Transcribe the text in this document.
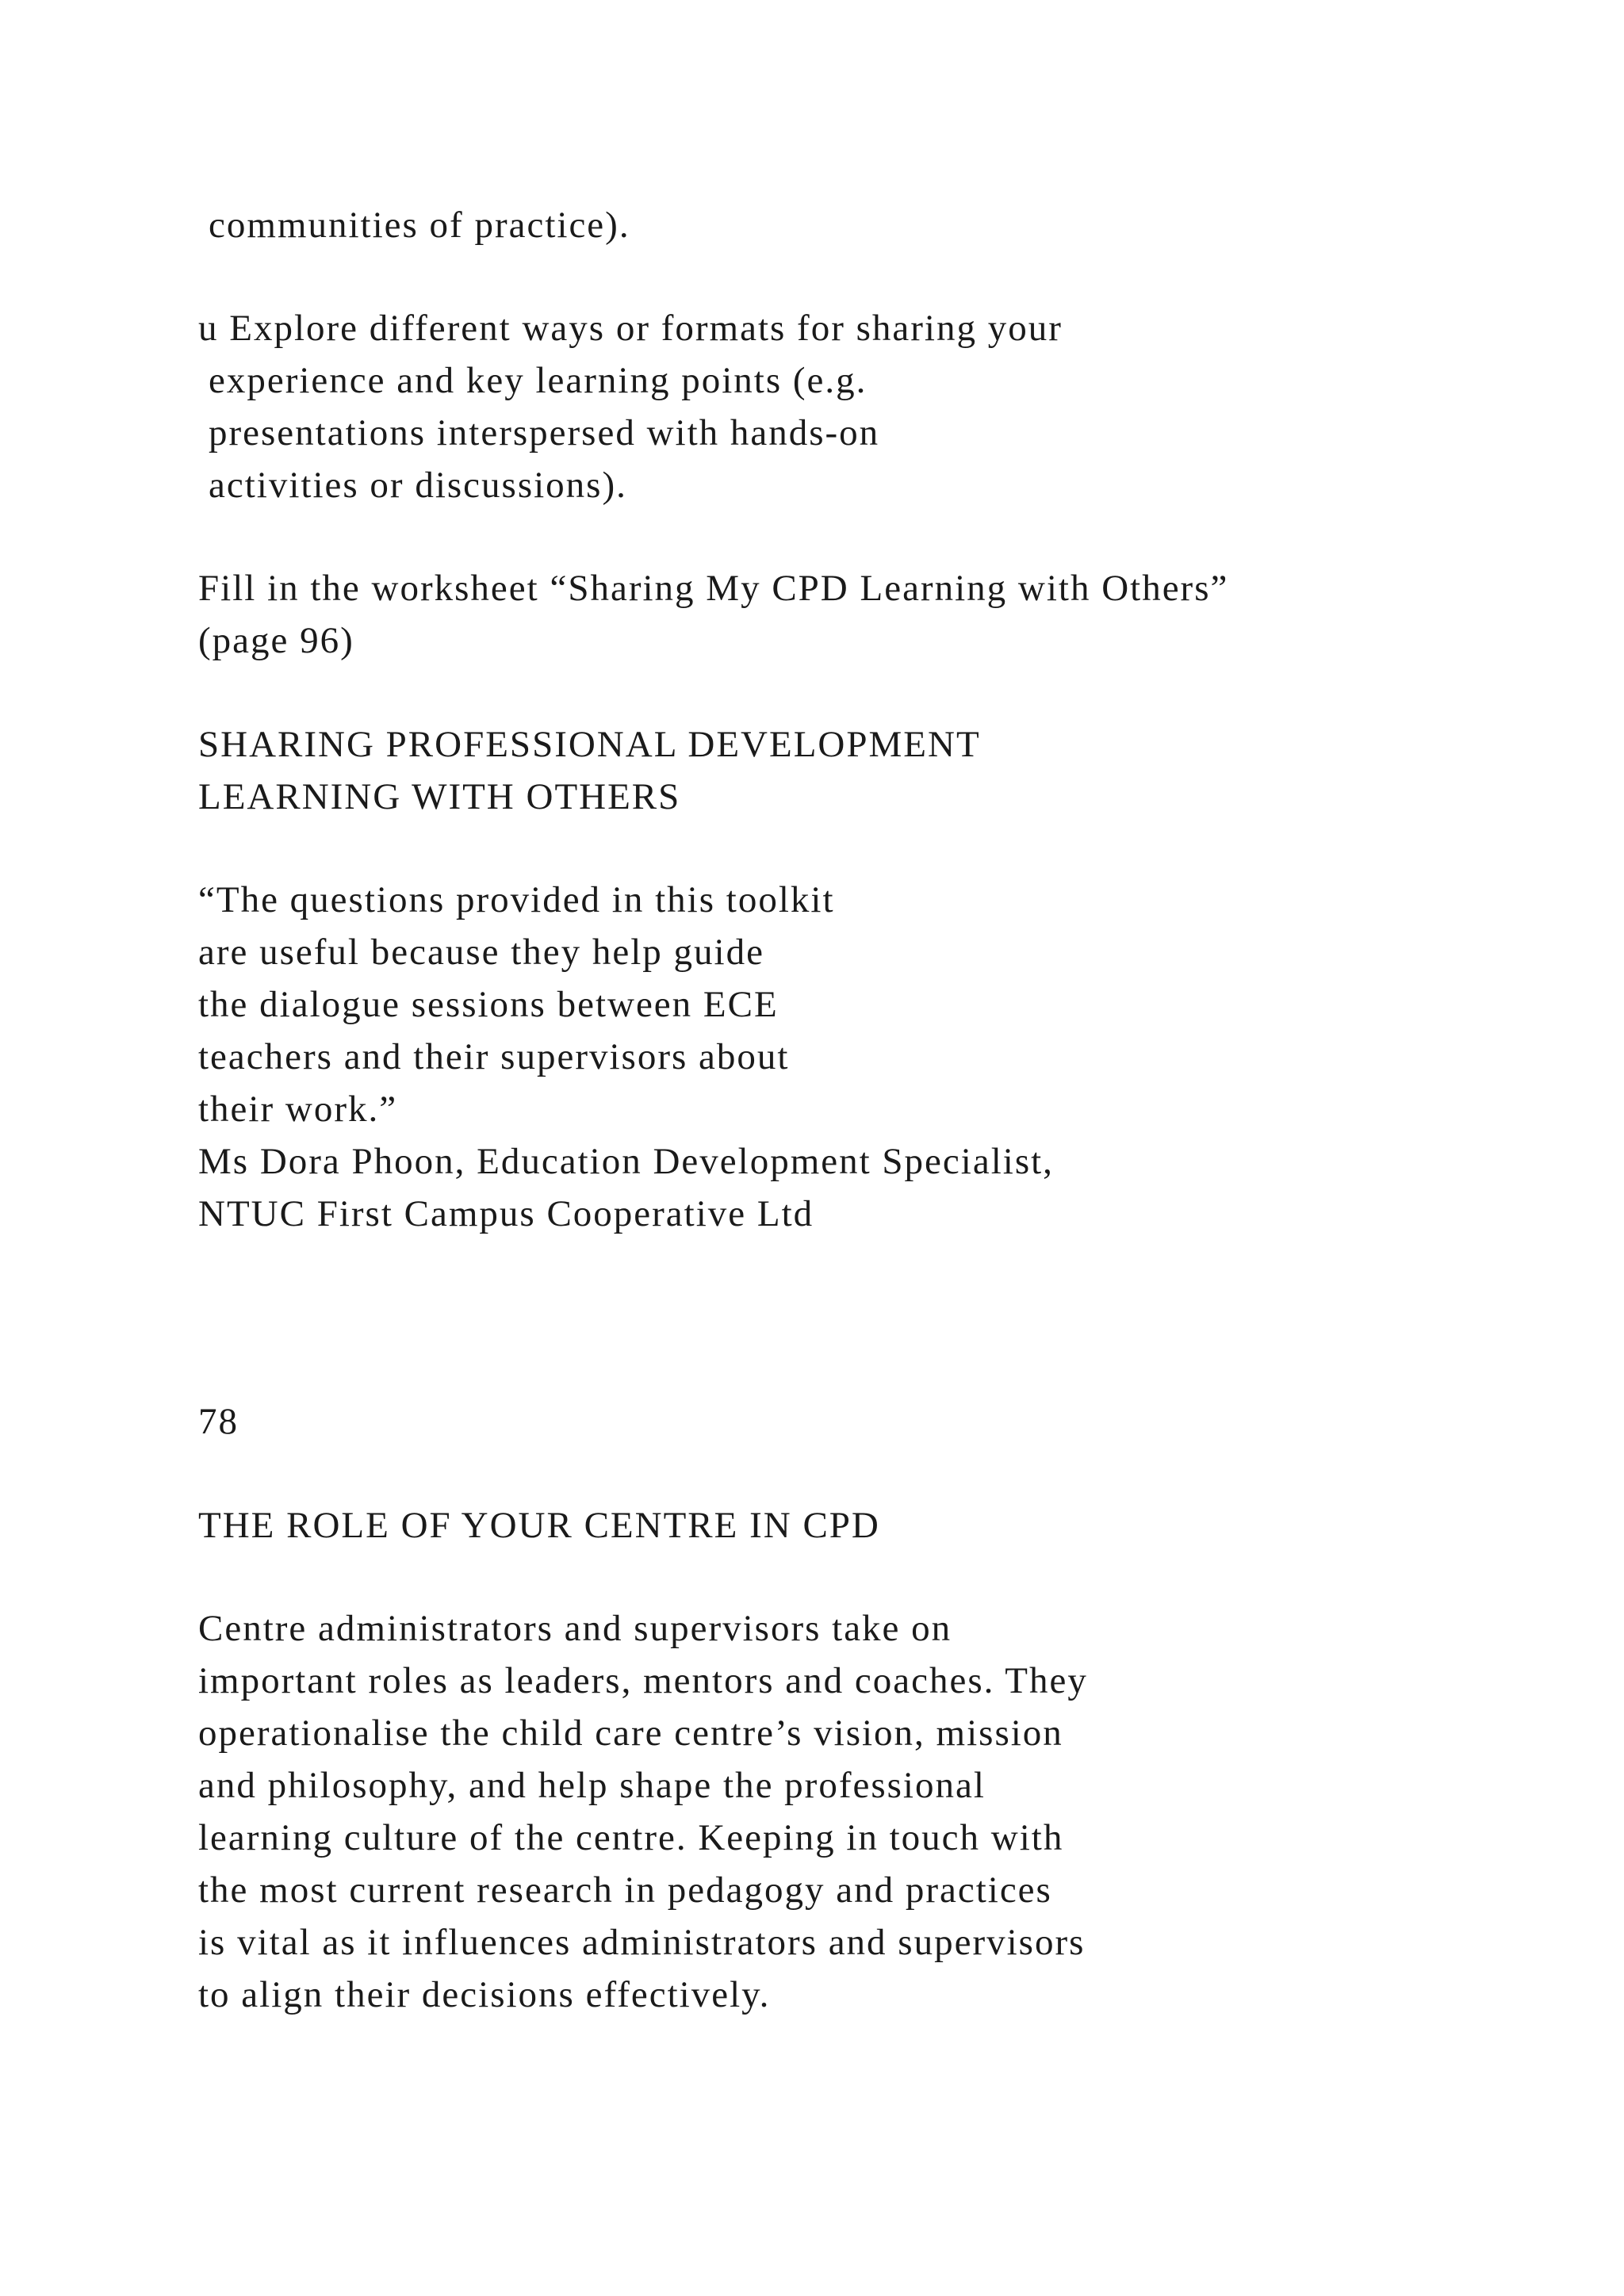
communities of practice).
u Explore different ways or formats for sharing your
experience and key learning points (e.g.
presentations interspersed with hands-on
activities or discussions).
Fill in the worksheet “Sharing My CPD Learning with Others”
(page 96)
SHARING PROFESSIONAL DEVELOPMENT
LEARNING WITH OTHERS
“The questions provided in this toolkit
are useful because they help guide
the dialogue sessions between ECE
teachers and their supervisors about
their work.”
Ms Dora Phoon, Education Development Specialist,
NTUC First Campus Cooperative Ltd
78
THE ROLE OF YOUR CENTRE IN CPD
Centre administrators and supervisors take on
important roles as leaders, mentors and coaches. They
operationalise the child care centre’s vision, mission
and philosophy, and help shape the professional
learning culture of the centre. Keeping in touch with
the most current research in pedagogy and practices
is vital as it influences administrators and supervisors
to align their decisions effectively.
